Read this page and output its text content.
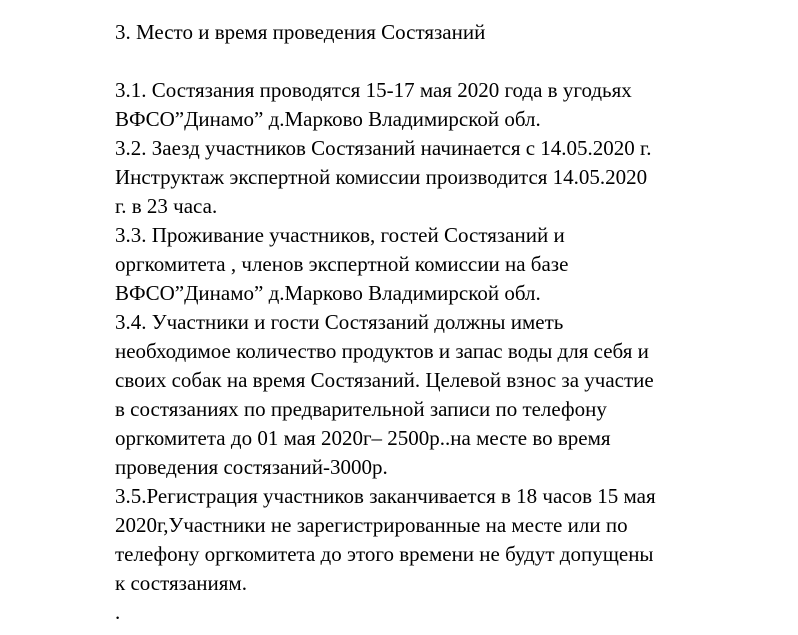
3. Место и время проведения Состязаний
3.1. Состязания проводятся 15-17 мая 2020 года в угодьях
ВФСО”Динамо” д.Марково Владимирской обл.
3.2. Заезд участников Состязаний начинается с 14.05.2020 г.
Инструктаж экспертной комиссии производится 14.05.2020
г. в 23 часа.
3.3. Проживание участников, гостей Состязаний и
оргкомитета , членов экспертной комиссии на базе
ВФСО”Динамо” д.Марково Владимирской обл.
3.4. Участники и гости Состязаний должны иметь
необходимое количество продуктов и запас воды для себя и
своих собак на время Состязаний. Целевой взнос за участие
в состязаниях по предварительной записи по телефону
оргкомитета до 01 мая 2020г– 2500р..на месте во время
проведения состязаний-3000р.
3.5.Регистрация участников заканчивается в 18 часов 15 мая
2020г,Участники не зарегистрированные на месте или по
телефону оргкомитета до этого времени не будут допущены
к состязаниям.
.
